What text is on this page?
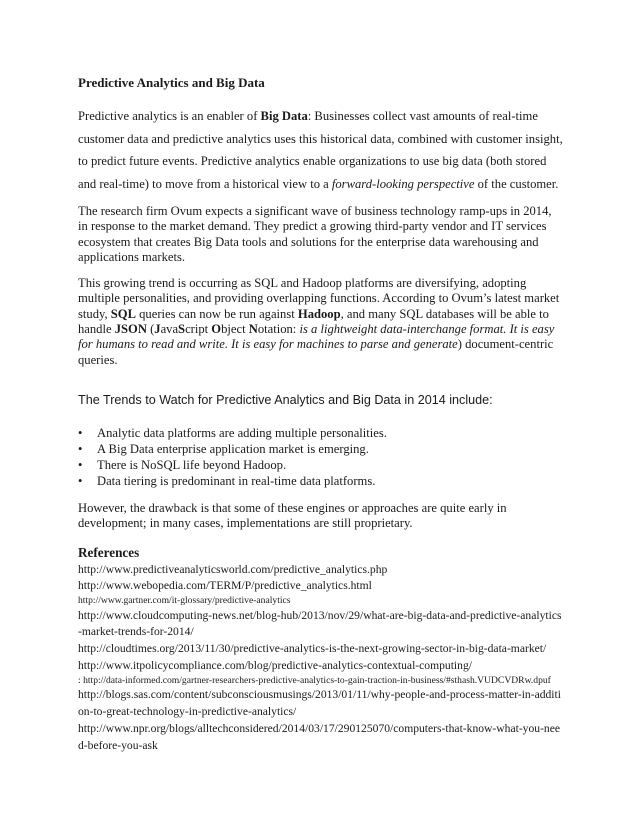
Predictive Analytics and Big Data

Predictive analytics is an enabler of Big Data: Businesses collect vast amounts of real-time customer data and predictive analytics uses this historical data, combined with customer insight, to predict future events. Predictive analytics enable organizations to use big data (both stored and real-time) to move from a historical view to a forward-looking perspective of the customer.

The research firm Ovum expects a significant wave of business technology ramp-ups in 2014, in response to the market demand. They predict a growing third-party vendor and IT services ecosystem that creates Big Data tools and solutions for the enterprise data warehousing and applications markets.

This growing trend is occurring as SQL and Hadoop platforms are diversifying, adopting multiple personalities, and providing overlapping functions. According to Ovum’s latest market study, SQL queries can now be run against Hadoop, and many SQL databases will be able to handle JSON (JavaScript Object Notation: is a lightweight data-interchange format. It is easy for humans to read and write. It is easy for machines to parse and generate) document-centric queries.

The Trends to Watch for Predictive Analytics and Big Data in 2014 include:
• Analytic data platforms are adding multiple personalities.
• A Big Data enterprise application market is emerging.
• There is NoSQL life beyond Hadoop.
• Data tiering is predominant in real-time data platforms.

However, the drawback is that some of these engines or approaches are quite early in development; in many cases, implementations are still proprietary.

References
http://www.predictiveanalyticsworld.com/predictive_analytics.php
http://www.webopedia.com/TERM/P/predictive_analytics.html
http://www.gartner.com/it-glossary/predictive-analytics
http://www.cloudcomputing-news.net/blog-hub/2013/nov/29/what-are-big-data-and-predictive-analytics-market-trends-for-2014/
http://cloudtimes.org/2013/11/30/predictive-analytics-is-the-next-growing-sector-in-big-data-market/
http://www.itpolicycompliance.com/blog/predictive-analytics-contextual-computing/
: http://data-informed.com/gartner-researchers-predictive-analytics-to-gain-traction-in-business/#sthash.VUDCVDRw.dpuf
http://blogs.sas.com/content/subconsciousmusings/2013/01/11/why-people-and-process-matter-in-addition-to-great-technology-in-predictive-analytics/
http://www.npr.org/blogs/alltechconsidered/2014/03/17/290125070/computers-that-know-what-you-need-before-you-ask
